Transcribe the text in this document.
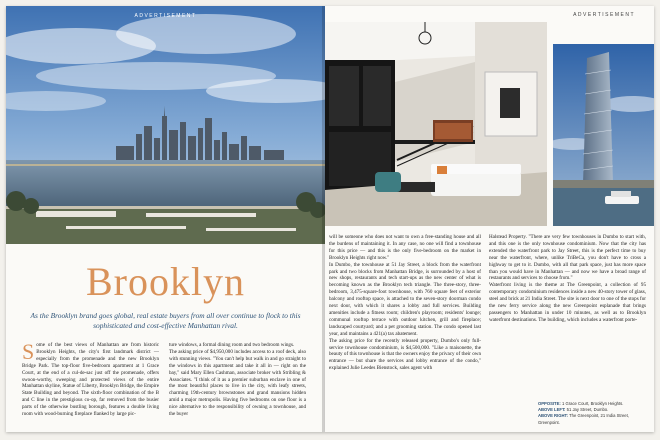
ADVERTISEMENT
Brooklyn
As the Brooklyn brand goes global, real estate buyers from all over continue to flock to this sophisticated and cost-effective Manhattan rival.
Some of the best views of Manhattan are from historic Brooklyn Heights, the city's first landmark district — especially from the promenade and the new Brooklyn Bridge Park. The top-floor five-bedroom apartment at 1 Grace Court, at the end of a cul-de-sac just off the promenade, offers swoon-worthy, sweeping and protected views of the entire Manhattan skyline, Statue of Liberty, Brooklyn Bridge, the Empire State Building and beyond. The sixth-floor combination of the B and C line in the prestigious co-op, far removed from the busier parts of the otherwise bustling borough, features a double living room with wood-burning fireplace flanked by large pic-
ture windows, a formal dining room and two bedroom wings.
The asking price of $4,950,000 includes access to a roof deck, also with stunning views. "You can't help but walk in and go straight to the windows in this apartment and take it all in — right on the bay," said Mary Ellen Cashman, associate broker with Stribling & Associates. "I think of it as a premier suburban enclave in one of the most beautiful places to live in the city, with leafy streets, charming 19th-century brownstones and grand mansions hidden amid a major metropolis. Having five bedrooms on one floor is a nice alternative to the responsibility of owning a townhouse, and the buyer
ADVERTISEMENT
will be someone who does not want to own a free-standing house and all the burdens of maintaining it. In any case, no one will find a townhouse for this price — and this is the only five-bedroom on the market in Brooklyn Heights right now."
In Dumbo, the townhouse at 51 Jay Street, a block from the waterfront park and two blocks from Manhattan Bridge, is surrounded by a host of new shops, restaurants and tech start-ups as the new center of what is becoming known as the Brooklyn tech triangle. The three-story, three-bedroom, 3,475-square-foot townhouse, with 760 square feet of exterior balcony and rooftop space, is attached to the seven-story doorman condo next door, with which it shares a lobby and full services. Building amenities include a fitness room; children's playroom; residents' lounge; communal rooftop terrace with outdoor kitchen, grill and fireplace; landscaped courtyard; and a pet grooming station. The condo opened last year, and maintains a 421(a) tax abatement.
The asking price for the recently released property, Dumbo's only full-service townhouse condominium, is $4,500,000. "Like a maisonette, the beauty of this townhouse is that the owners enjoy the privacy of their own entrance — but share the services and lobby entrance of the condo," explained Julie Leedes Bienstock, sales agent with
Halstead Property. "There are very few townhouses in Dumbo to start with, and this one is the only townhouse condominium. Now that the city has extended the waterfront park to Jay Street, this is the perfect time to buy near the waterfront, where, unlike TriBeCa, you don't have to cross a highway to get to it. Dumbo, with all that park space, just has more space than you would have in Manhattan — and now we have a broad range of restaurants and services to choose from."
Waterfront living is the theme at The Greenpoint, a collection of 95 contemporary condominium residences inside a new 40-story tower of glass, steel and brick at 21 India Street. The site is next door to one of the stops for the new ferry service along the new Greenpoint esplanade that brings passengers to Manhattan in under 10 minutes, as well as to Brooklyn waterfront destinations. The building, which includes a waterfront porte-
OPPOSITE: 1 Grace Court, Brooklyn Heights.
ABOVE LEFT: 51 Jay Street, Dumbo.
ABOVE RIGHT: The Greenpoint, 21 India Street, Greenpoint.
